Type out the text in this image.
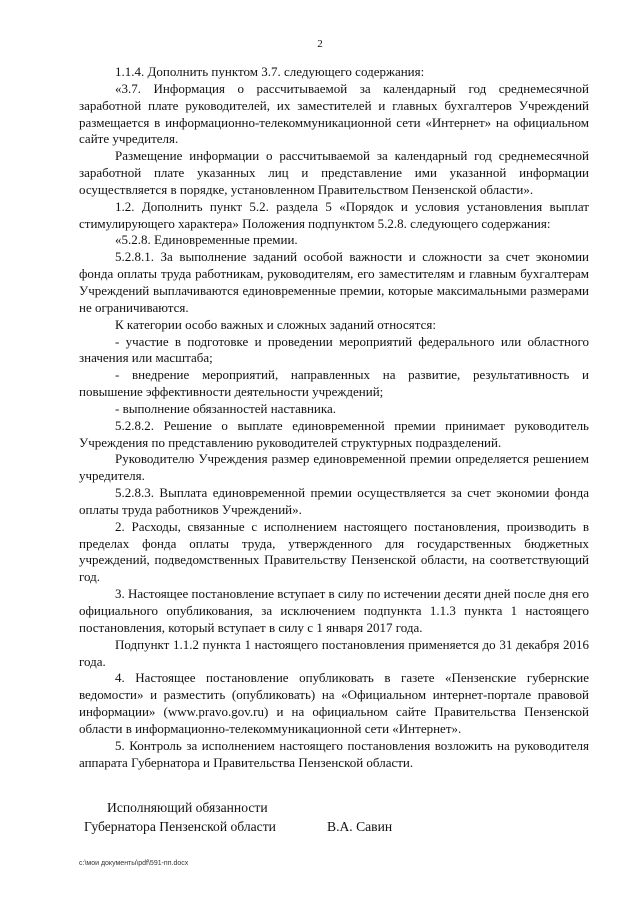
2

1.1.4. Дополнить пунктом 3.7. следующего содержания:

«3.7. Информация о рассчитываемой за календарный год среднемесячной заработной плате руководителей, их заместителей и главных бухгалтеров Учреждений размещается в информационно-телекоммуникационной сети «Интернет» на официальном сайте учредителя.

Размещение информации о рассчитываемой за календарный год среднемесячной заработной плате указанных лиц и представление ими указанной информации осуществляется в порядке, установленном Правительством Пензенской области».

1.2. Дополнить пункт 5.2. раздела 5 «Порядок и условия установления выплат стимулирующего характера» Положения подпунктом 5.2.8. следующего содержания:

«5.2.8. Единовременные премии.

5.2.8.1. За выполнение заданий особой важности и сложности за счет экономии фонда оплаты труда работникам, руководителям, его заместителям и главным бухгалтерам Учреждений выплачиваются единовременные премии, которые максимальными размерами не ограничиваются.

К категории особо важных и сложных заданий относятся:

- участие в подготовке и проведении мероприятий федерального или областного значения или масштаба;

- внедрение мероприятий, направленных на развитие, результативность и повышение эффективности деятельности учреждений;

- выполнение обязанностей наставника.

5.2.8.2. Решение о выплате единовременной премии принимает руководитель Учреждения по представлению руководителей структурных подразделений.

Руководителю Учреждения размер единовременной премии определяется решением учредителя.

5.2.8.3. Выплата единовременной премии осуществляется за счет экономии фонда оплаты труда работников Учреждений».

2. Расходы, связанные с исполнением настоящего постановления, производить в пределах фонда оплаты труда, утвержденного для государственных бюджетных учреждений, подведомственных Правительству Пензенской области, на соответствующий год.

3. Настоящее постановление вступает в силу по истечении десяти дней после дня его официального опубликования, за исключением подпункта 1.1.3 пункта 1 настоящего постановления, который вступает в силу с 1 января 2017 года.

Подпункт 1.1.2 пункта 1 настоящего постановления применяется до 31 декабря 2016 года.

4. Настоящее постановление опубликовать в газете «Пензенские губернские ведомости» и разместить (опубликовать) на «Официальном интернет-портале правовой информации» (www.pravo.gov.ru) и на официальном сайте Правительства Пензенской области в информационно-телекоммуникационной сети «Интернет».

5. Контроль за исполнением настоящего постановления возложить на руководителя аппарата Губернатора и Правительства Пензенской области.

Исполняющий обязанности
Губернатора Пензенской области	В.А. Савин
c:\мои документы\pdf\591-пп.docx
